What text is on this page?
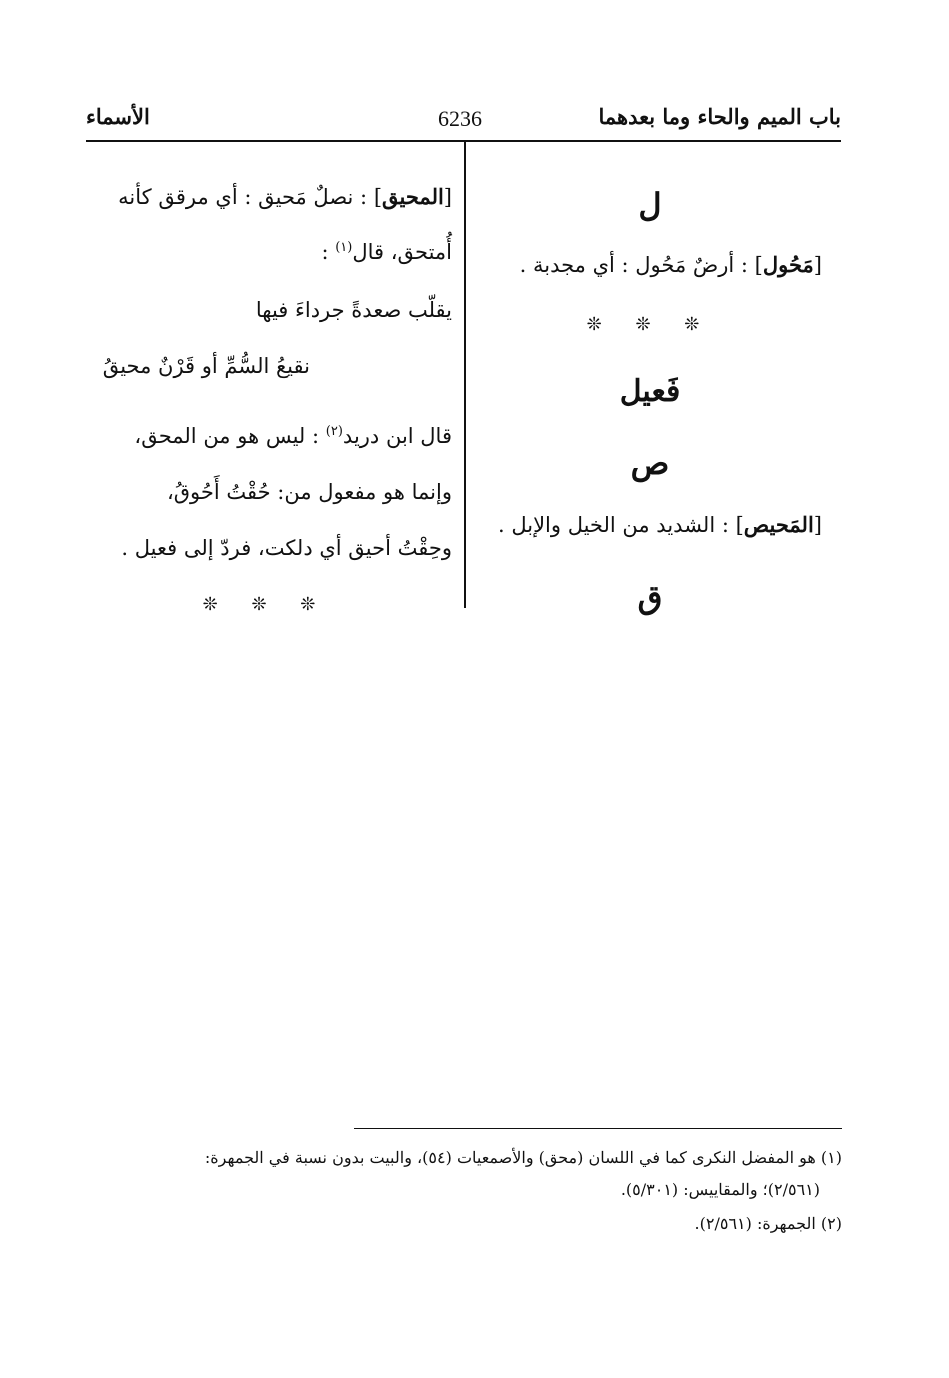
باب الميم والحاء وما بعدهما
6236
الأسماء
ل
[مَحُول] : أرضٌ مَحُول : أي مجدبة .
❊ ❊ ❊
فَعيل
ص
[المَحيص] : الشديد من الخيل والإبل .
ق
[المحيق] : نصلٌ مَحيق : أي مرقق كأنه
أُمتحق، قال$^{(١)}$ :
يقلّب صعدةً جرداءَ فيها
نقيعُ السُّمِّ أو قَرْنٌ محيقُ
قال ابن دريد$^{(٢)}$ : ليس هو من المحق،
وإنما هو مفعول من: حُقْتُ أَحُوقُ،
وحِقْتُ أحيق أي دلكت، فردّ إلى فعيل .
❊ ❊ ❊
(١) هو المفضل النكرى كما في اللسان (محق) والأصمعيات (٥٤)، والبيت بدون نسبة في الجمهرة:
(٢/٥٦١)؛ والمقاييس: (٥/٣٠١).
(٢) الجمهرة: (٢/٥٦١).
